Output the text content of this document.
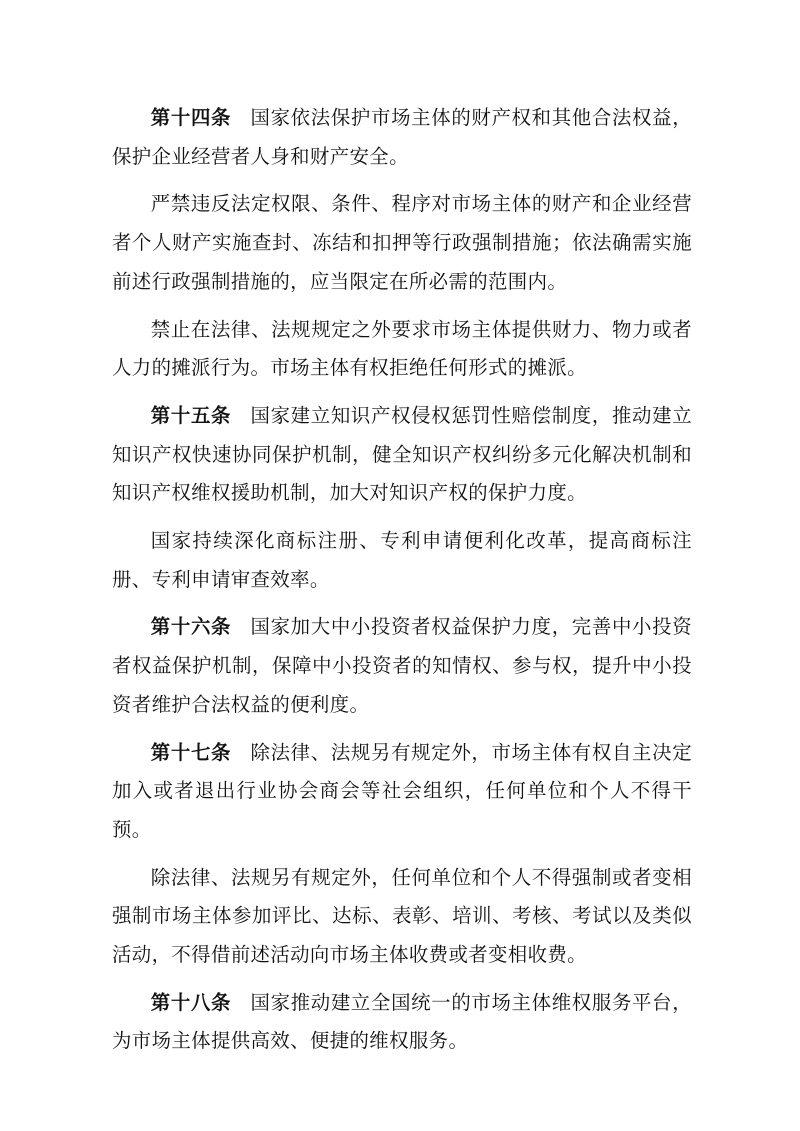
第十四条 国家依法保护市场主体的财产权和其他合法权益，保护企业经营者人身和财产安全。

严禁违反法定权限、条件、程序对市场主体的财产和企业经营者个人财产实施查封、冻结和扣押等行政强制措施；依法确需实施前述行政强制措施的，应当限定在所必需的范围内。

禁止在法律、法规规定之外要求市场主体提供财力、物力或者人力的摊派行为。市场主体有权拒绝任何形式的摊派。

第十五条 国家建立知识产权侵权惩罚性赔偿制度，推动建立知识产权快速协同保护机制，健全知识产权纠纷多元化解决机制和知识产权维权援助机制，加大对知识产权的保护力度。

国家持续深化商标注册、专利申请便利化改革，提高商标注册、专利申请审查效率。

第十六条 国家加大中小投资者权益保护力度，完善中小投资者权益保护机制，保障中小投资者的知情权、参与权，提升中小投资者维护合法权益的便利度。

第十七条 除法律、法规另有规定外，市场主体有权自主决定加入或者退出行业协会商会等社会组织，任何单位和个人不得干预。

除法律、法规另有规定外，任何单位和个人不得强制或者变相强制市场主体参加评比、达标、表彰、培训、考核、考试以及类似活动，不得借前述活动向市场主体收费或者变相收费。

第十八条 国家推动建立全国统一的市场主体维权服务平台，为市场主体提供高效、便捷的维权服务。
